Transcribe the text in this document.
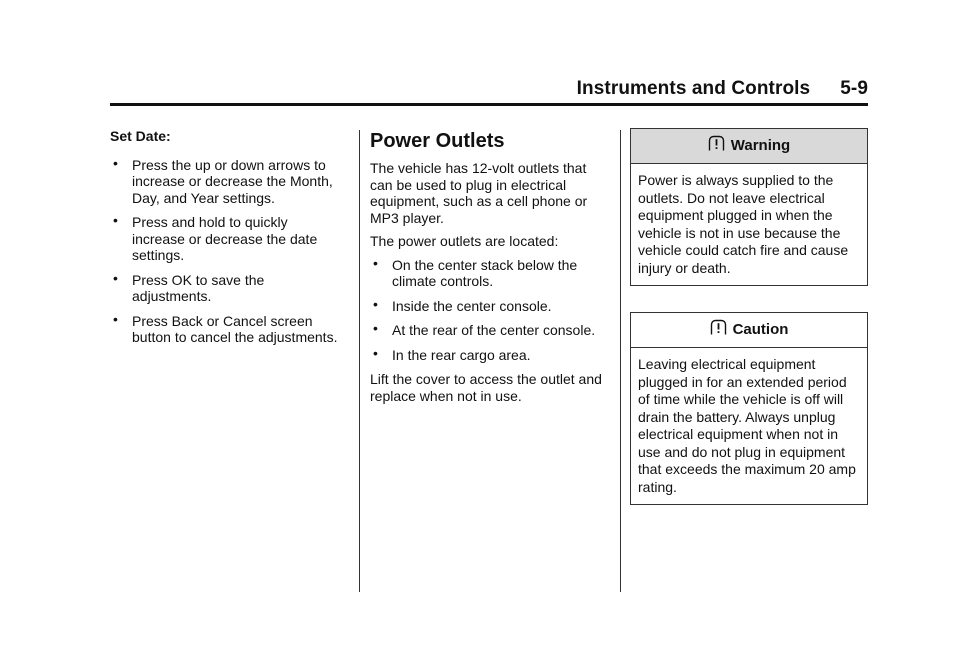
Instruments and Controls 5-9
Set Date:
• Press the up or down arrows to increase or decrease the Month, Day, and Year settings.
• Press and hold to quickly increase or decrease the date settings.
• Press OK to save the adjustments.
• Press Back or Cancel screen button to cancel the adjustments.
Power Outlets

The vehicle has 12-volt outlets that can be used to plug in electrical equipment, such as a cell phone or MP3 player.

The power outlets are located:

• On the center stack below the climate controls.
• Inside the center console.
• At the rear of the center console.
• In the rear cargo area.

Lift the cover to access the outlet and replace when not in use.

Warning
Power is always supplied to the outlets. Do not leave electrical equipment plugged in when the vehicle is not in use because the vehicle could catch fire and cause injury or death.
Caution
Leaving electrical equipment plugged in for an extended period of time while the vehicle is off will drain the battery. Always unplug electrical equipment when not in use and do not plug in equipment that exceeds the maximum 20 amp rating.
